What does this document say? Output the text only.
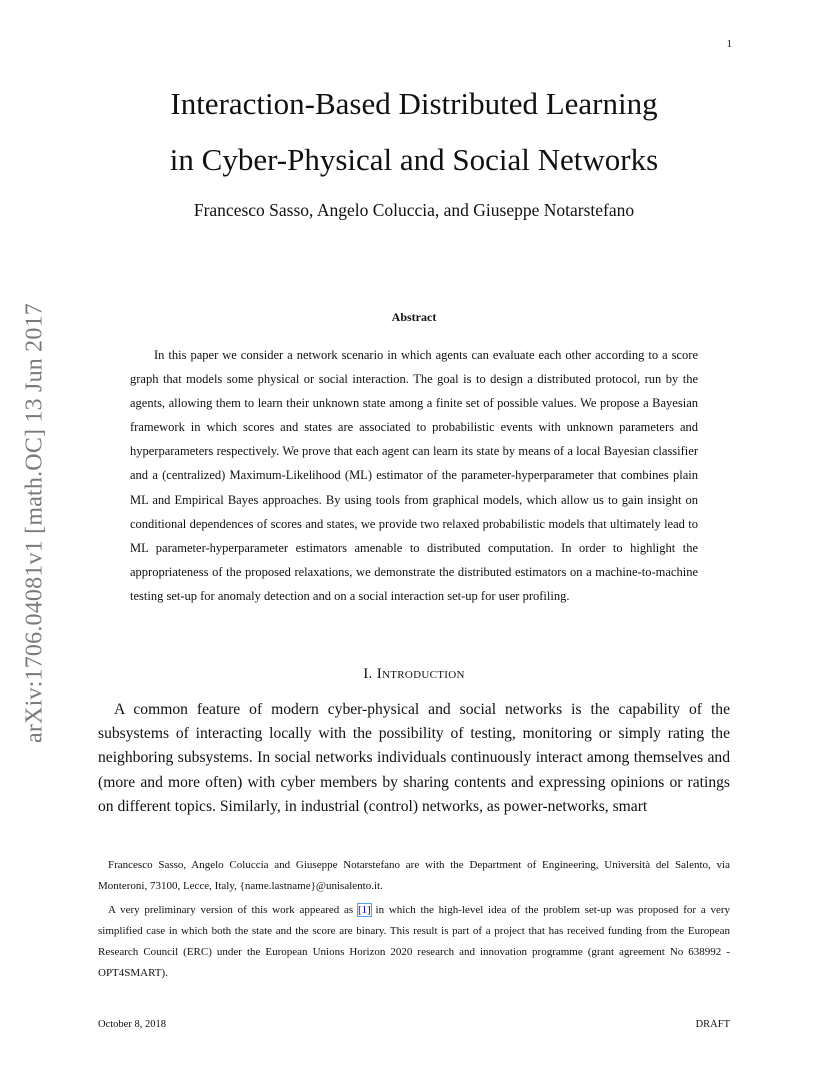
1
arXiv:1706.04081v1 [math.OC] 13 Jun 2017
Interaction-Based Distributed Learning
in Cyber-Physical and Social Networks
Francesco Sasso, Angelo Coluccia, and Giuseppe Notarstefano
Abstract

In this paper we consider a network scenario in which agents can evaluate each other according to a score graph that models some physical or social interaction. The goal is to design a distributed protocol, run by the agents, allowing them to learn their unknown state among a finite set of possible values. We propose a Bayesian framework in which scores and states are associated to probabilistic events with unknown parameters and hyperparameters respectively. We prove that each agent can learn its state by means of a local Bayesian classifier and a (centralized) Maximum-Likelihood (ML) estimator of the parameter-hyperparameter that combines plain ML and Empirical Bayes approaches. By using tools from graphical models, which allow us to gain insight on conditional dependences of scores and states, we provide two relaxed probabilistic models that ultimately lead to ML parameter-hyperparameter estimators amenable to distributed computation. In order to highlight the appropriateness of the proposed relaxations, we demonstrate the distributed estimators on a machine-to-machine testing set-up for anomaly detection and on a social interaction set-up for user profiling.

I. Introduction

A common feature of modern cyber-physical and social networks is the capability of the subsystems of interacting locally with the possibility of testing, monitoring or simply rating the neighboring subsystems. In social networks individuals continuously interact among themselves and (more and more often) with cyber members by sharing contents and expressing opinions or ratings on different topics. Similarly, in industrial (control) networks, as power-networks, smart

Francesco Sasso, Angelo Coluccia and Giuseppe Notarstefano are with the Department of Engineering, Università del Salento, via Monteroni, 73100, Lecce, Italy, {name.lastname}@unisalento.it.

A very preliminary version of this work appeared as [1] in which the high-level idea of the problem set-up was proposed for a very simplified case in which both the state and the score are binary. This result is part of a project that has received funding from the European Research Council (ERC) under the European Unions Horizon 2020 research and innovation programme (grant agreement No 638992 - OPT4SMART).

October 8, 2018	DRAFT
